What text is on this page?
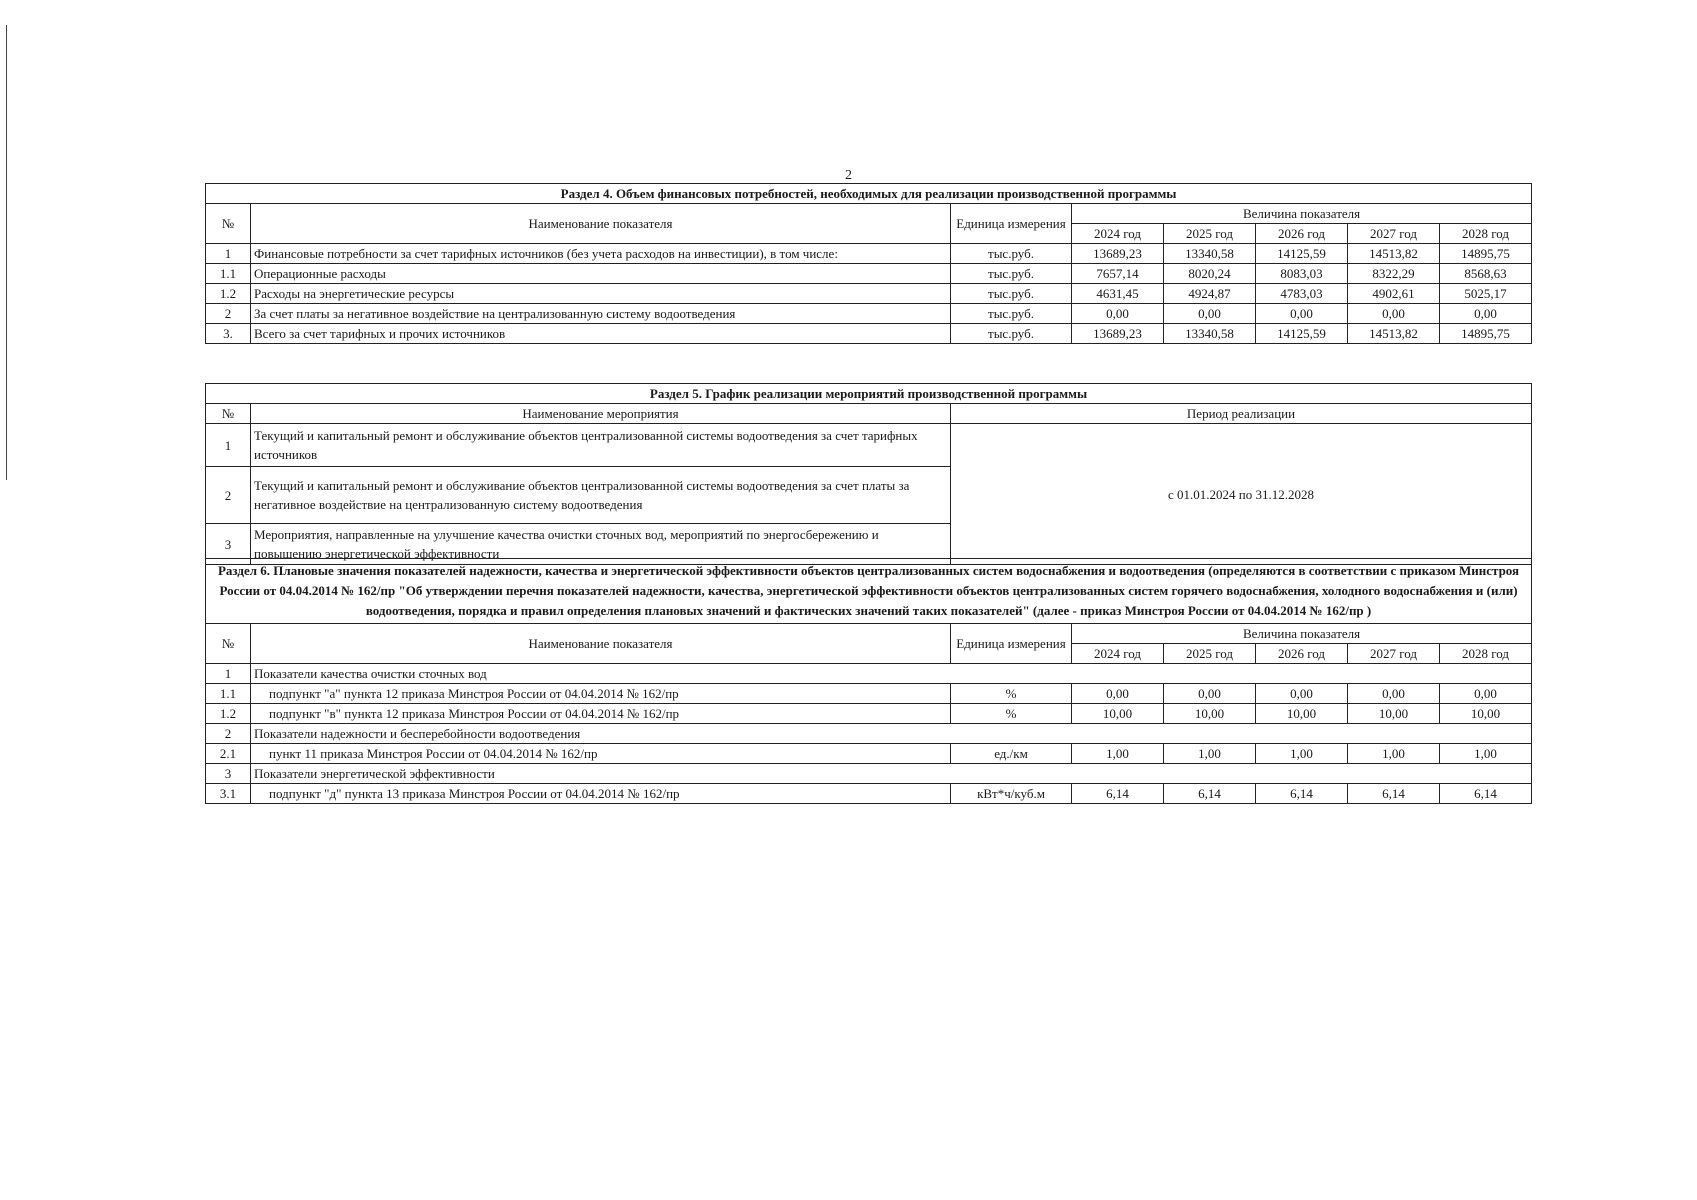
2
Раздел 4. Объем финансовых потребностей, необходимых для реализации производственной программы							
№	Наименование показателя	Единица измерения	Величина показателя				
			2024 год	2025 год	2026 год	2027 год	2028 год
1	Финансовые потребности за счет тарифных источников (без учета расходов на инвестиции), в том числе:	тыс.руб.	13689,23	13340,58	14125,59	14513,82	14895,75
1.1	Операционные расходы	тыс.руб.	7657,14	8020,24	8083,03	8322,29	8568,63
1.2	Расходы на энергетические ресурсы	тыс.руб.	4631,45	4924,87	4783,03	4902,61	5025,17
2	За счет платы за негативное воздействие на централизованную систему водоотведения	тыс.руб.	0,00	0,00	0,00	0,00	0,00
3.	Всего за счет тарифных и прочих источников	тыс.руб.	13689,23	13340,58	14125,59	14513,82	14895,75
Раздел 5. График реализации мероприятий производственной программы		
№	Наименование мероприятия	Период реализации
1	Текущий и капитальный ремонт и обслуживание объектов централизованной системы водоотведения за счет тарифных источников	с 01.01.2024 по 31.12.2028
2	Текущий и капитальный ремонт и обслуживание объектов централизованной системы водоотведения за счет платы за негативное воздействие на централизованную систему водоотведения	
3	Мероприятия, направленные на улучшение качества очистки сточных вод, мероприятий по энергосбережению и повышению энергетической эффективности	
Раздел 6. Плановые значения показателей надежности, качества и энергетической эффективности объектов централизованных систем водоснабжения и водоотведения (определяются в соответствии с приказом Минстроя России от 04.04.2014 № 162/пр "Об утверждении перечня показателей надежности, качества, энергетической эффективности объектов централизованных систем горячего водоснабжения, холодного водоснабжения и (или) водоотведения, порядка и правил определения плановых значений и фактических значений таких показателей" (далее - приказ Минстроя России от 04.04.2014 № 162/пр )							
№	Наименование показателя	Единица измерения	Величина показателя				
			2024 год	2025 год	2026 год	2027 год	2028 год
1	Показатели качества очистки сточных вод						
1.1	подпункт "а" пункта 12 приказа Минстроя России от 04.04.2014 № 162/пр	%	0,00	0,00	0,00	0,00	0,00
1.2	подпункт "в" пункта 12 приказа Минстроя России от 04.04.2014 № 162/пр	%	10,00	10,00	10,00	10,00	10,00
2	Показатели надежности и бесперебойности водоотведения						
2.1	пункт 11 приказа Минстроя России от 04.04.2014 № 162/пр	ед./км	1,00	1,00	1,00	1,00	1,00
3	Показатели энергетической эффективности						
3.1	подпункт "д" пункта 13 приказа Минстроя России от 04.04.2014 № 162/пр	кВт*ч/куб.м	6,14	6,14	6,14	6,14	6,14
